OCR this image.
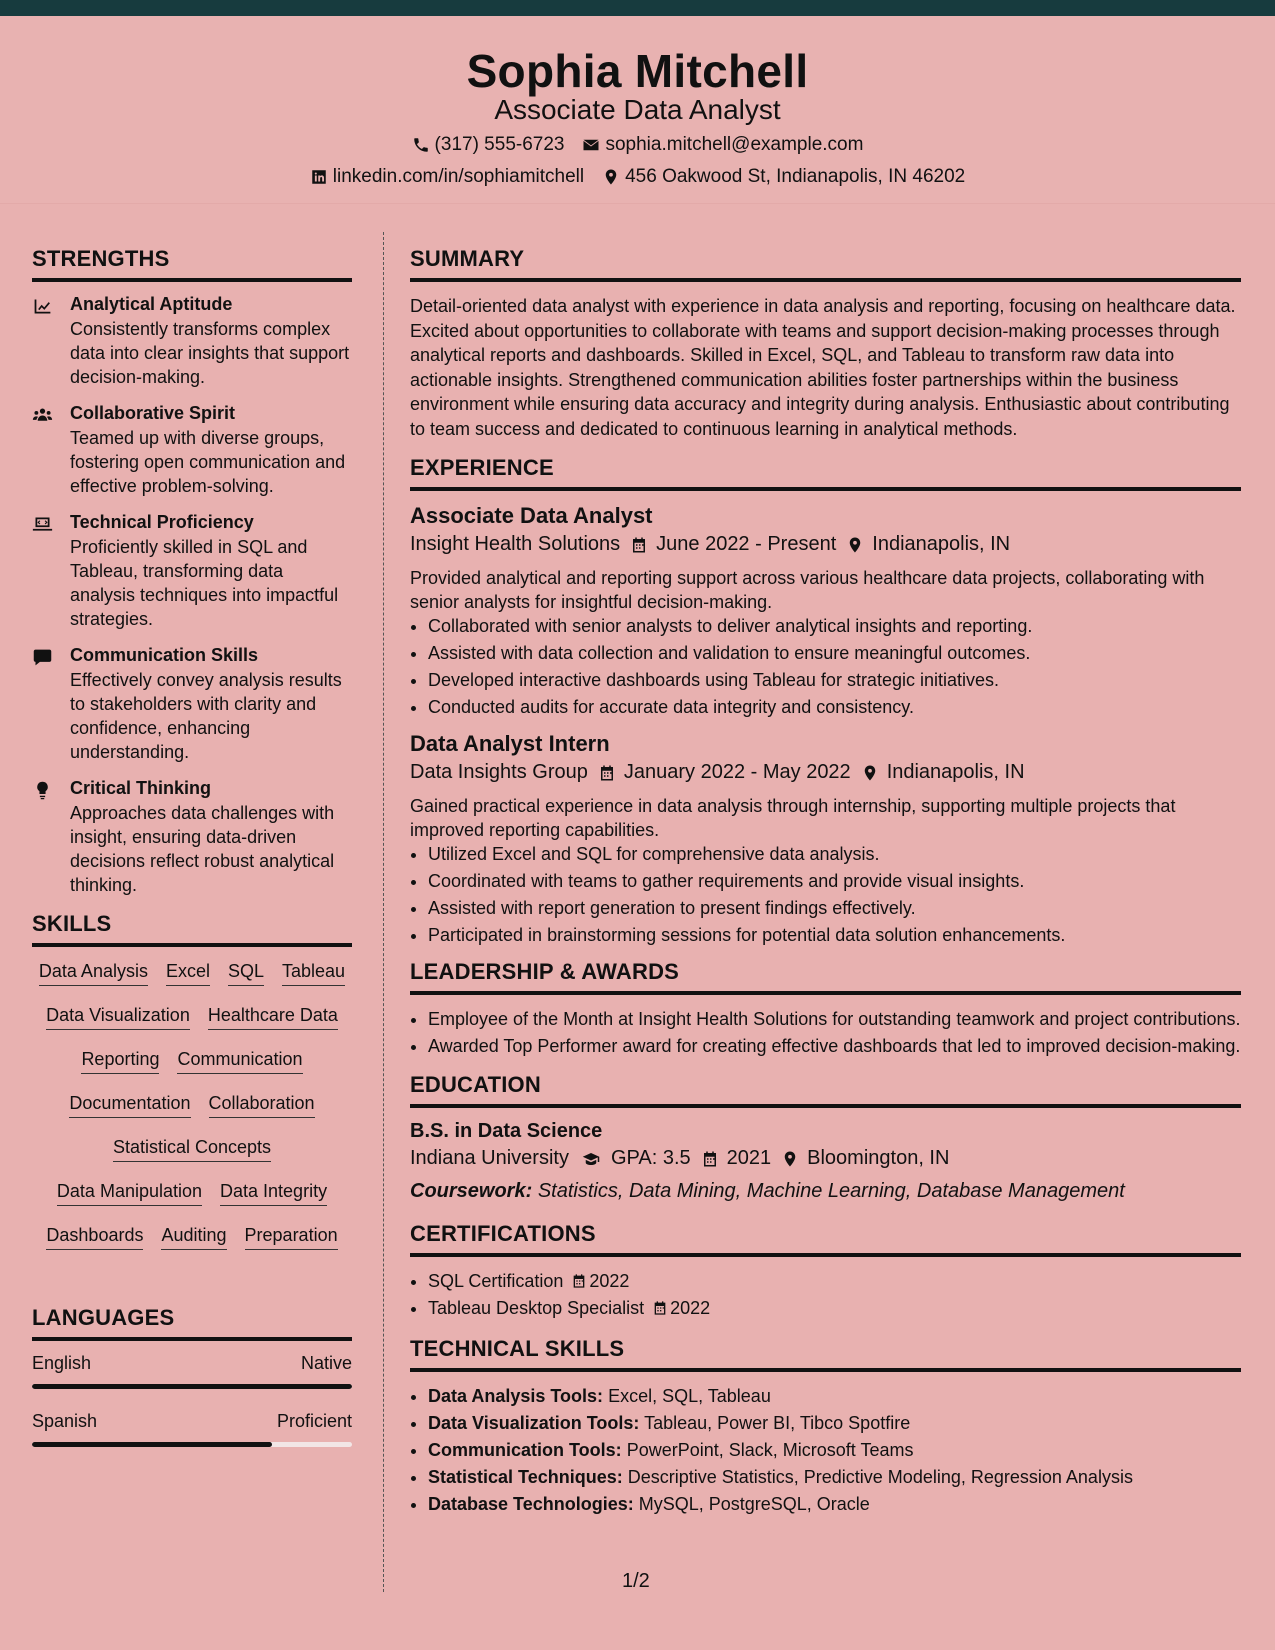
Sophia Mitchell
Associate Data Analyst
(317) 555-6723 sophia.mitchell@example.com
linkedin.com/in/sophiamitchell 456 Oakwood St, Indianapolis, IN 46202
STRENGTHS
Analytical Aptitude

Consistently transforms complex data into clear insights that support decision-making.

Collaborative Spirit

Teamed up with diverse groups, fostering open communication and effective problem-solving.

Technical Proficiency

Proficiently skilled in SQL and Tableau, transforming data analysis techniques into impactful strategies.

Communication Skills

Effectively convey analysis results to stakeholders with clarity and confidence, enhancing understanding.

Critical Thinking

Approaches data challenges with insight, ensuring data-driven decisions reflect robust analytical thinking.

SKILLS
Data Analysis Excel SQL Tableau
Data Visualization Healthcare Data
Reporting Communication
Documentation Collaboration
Statistical Concepts
Data Manipulation Data Integrity
Dashboards Auditing Preparation
LANGUAGES
English	Native
Spanish	Proficient
SUMMARY

Detail-oriented data analyst with experience in data analysis and reporting, focusing on healthcare data. Excited about opportunities to collaborate with teams and support decision-making processes through analytical reports and dashboards. Skilled in Excel, SQL, and Tableau to transform raw data into actionable insights. Strengthened communication abilities foster partnerships within the business environment while ensuring data accuracy and integrity during analysis. Enthusiastic about contributing to team success and dedicated to continuous learning in analytical methods.

EXPERIENCE
Associate Data Analyst
Insight Health Solutions June 2022 - Present Indianapolis, IN

Provided analytical and reporting support across various healthcare data projects, collaborating with senior analysts for insightful decision-making.

• Collaborated with senior analysts to deliver analytical insights and reporting.
• Assisted with data collection and validation to ensure meaningful outcomes.
• Developed interactive dashboards using Tableau for strategic initiatives.
• Conducted audits for accurate data integrity and consistency.
Data Analyst Intern
Data Insights Group January 2022 - May 2022 Indianapolis, IN

Gained practical experience in data analysis through internship, supporting multiple projects that improved reporting capabilities.

• Utilized Excel and SQL for comprehensive data analysis.
• Coordinated with teams to gather requirements and provide visual insights.
• Assisted with report generation to present findings effectively.
• Participated in brainstorming sessions for potential data solution enhancements.
LEADERSHIP & AWARDS
• Employee of the Month at Insight Health Solutions for outstanding teamwork and project contributions.
• Awarded Top Performer award for creating effective dashboards that led to improved decision-making.
EDUCATION
B.S. in Data Science
Indiana University GPA: 3.5 2021 Bloomington, IN
Coursework: Statistics, Data Mining, Machine Learning, Database Management
CERTIFICATIONS
• SQL Certification 2022
• Tableau Desktop Specialist 2022
TECHNICAL SKILLS
• Data Analysis Tools: Excel, SQL, Tableau
• Data Visualization Tools: Tableau, Power BI, Tibco Spotfire
• Communication Tools: PowerPoint, Slack, Microsoft Teams
• Statistical Techniques: Descriptive Statistics, Predictive Modeling, Regression Analysis
• Database Technologies: MySQL, PostgreSQL, Oracle
1/2
